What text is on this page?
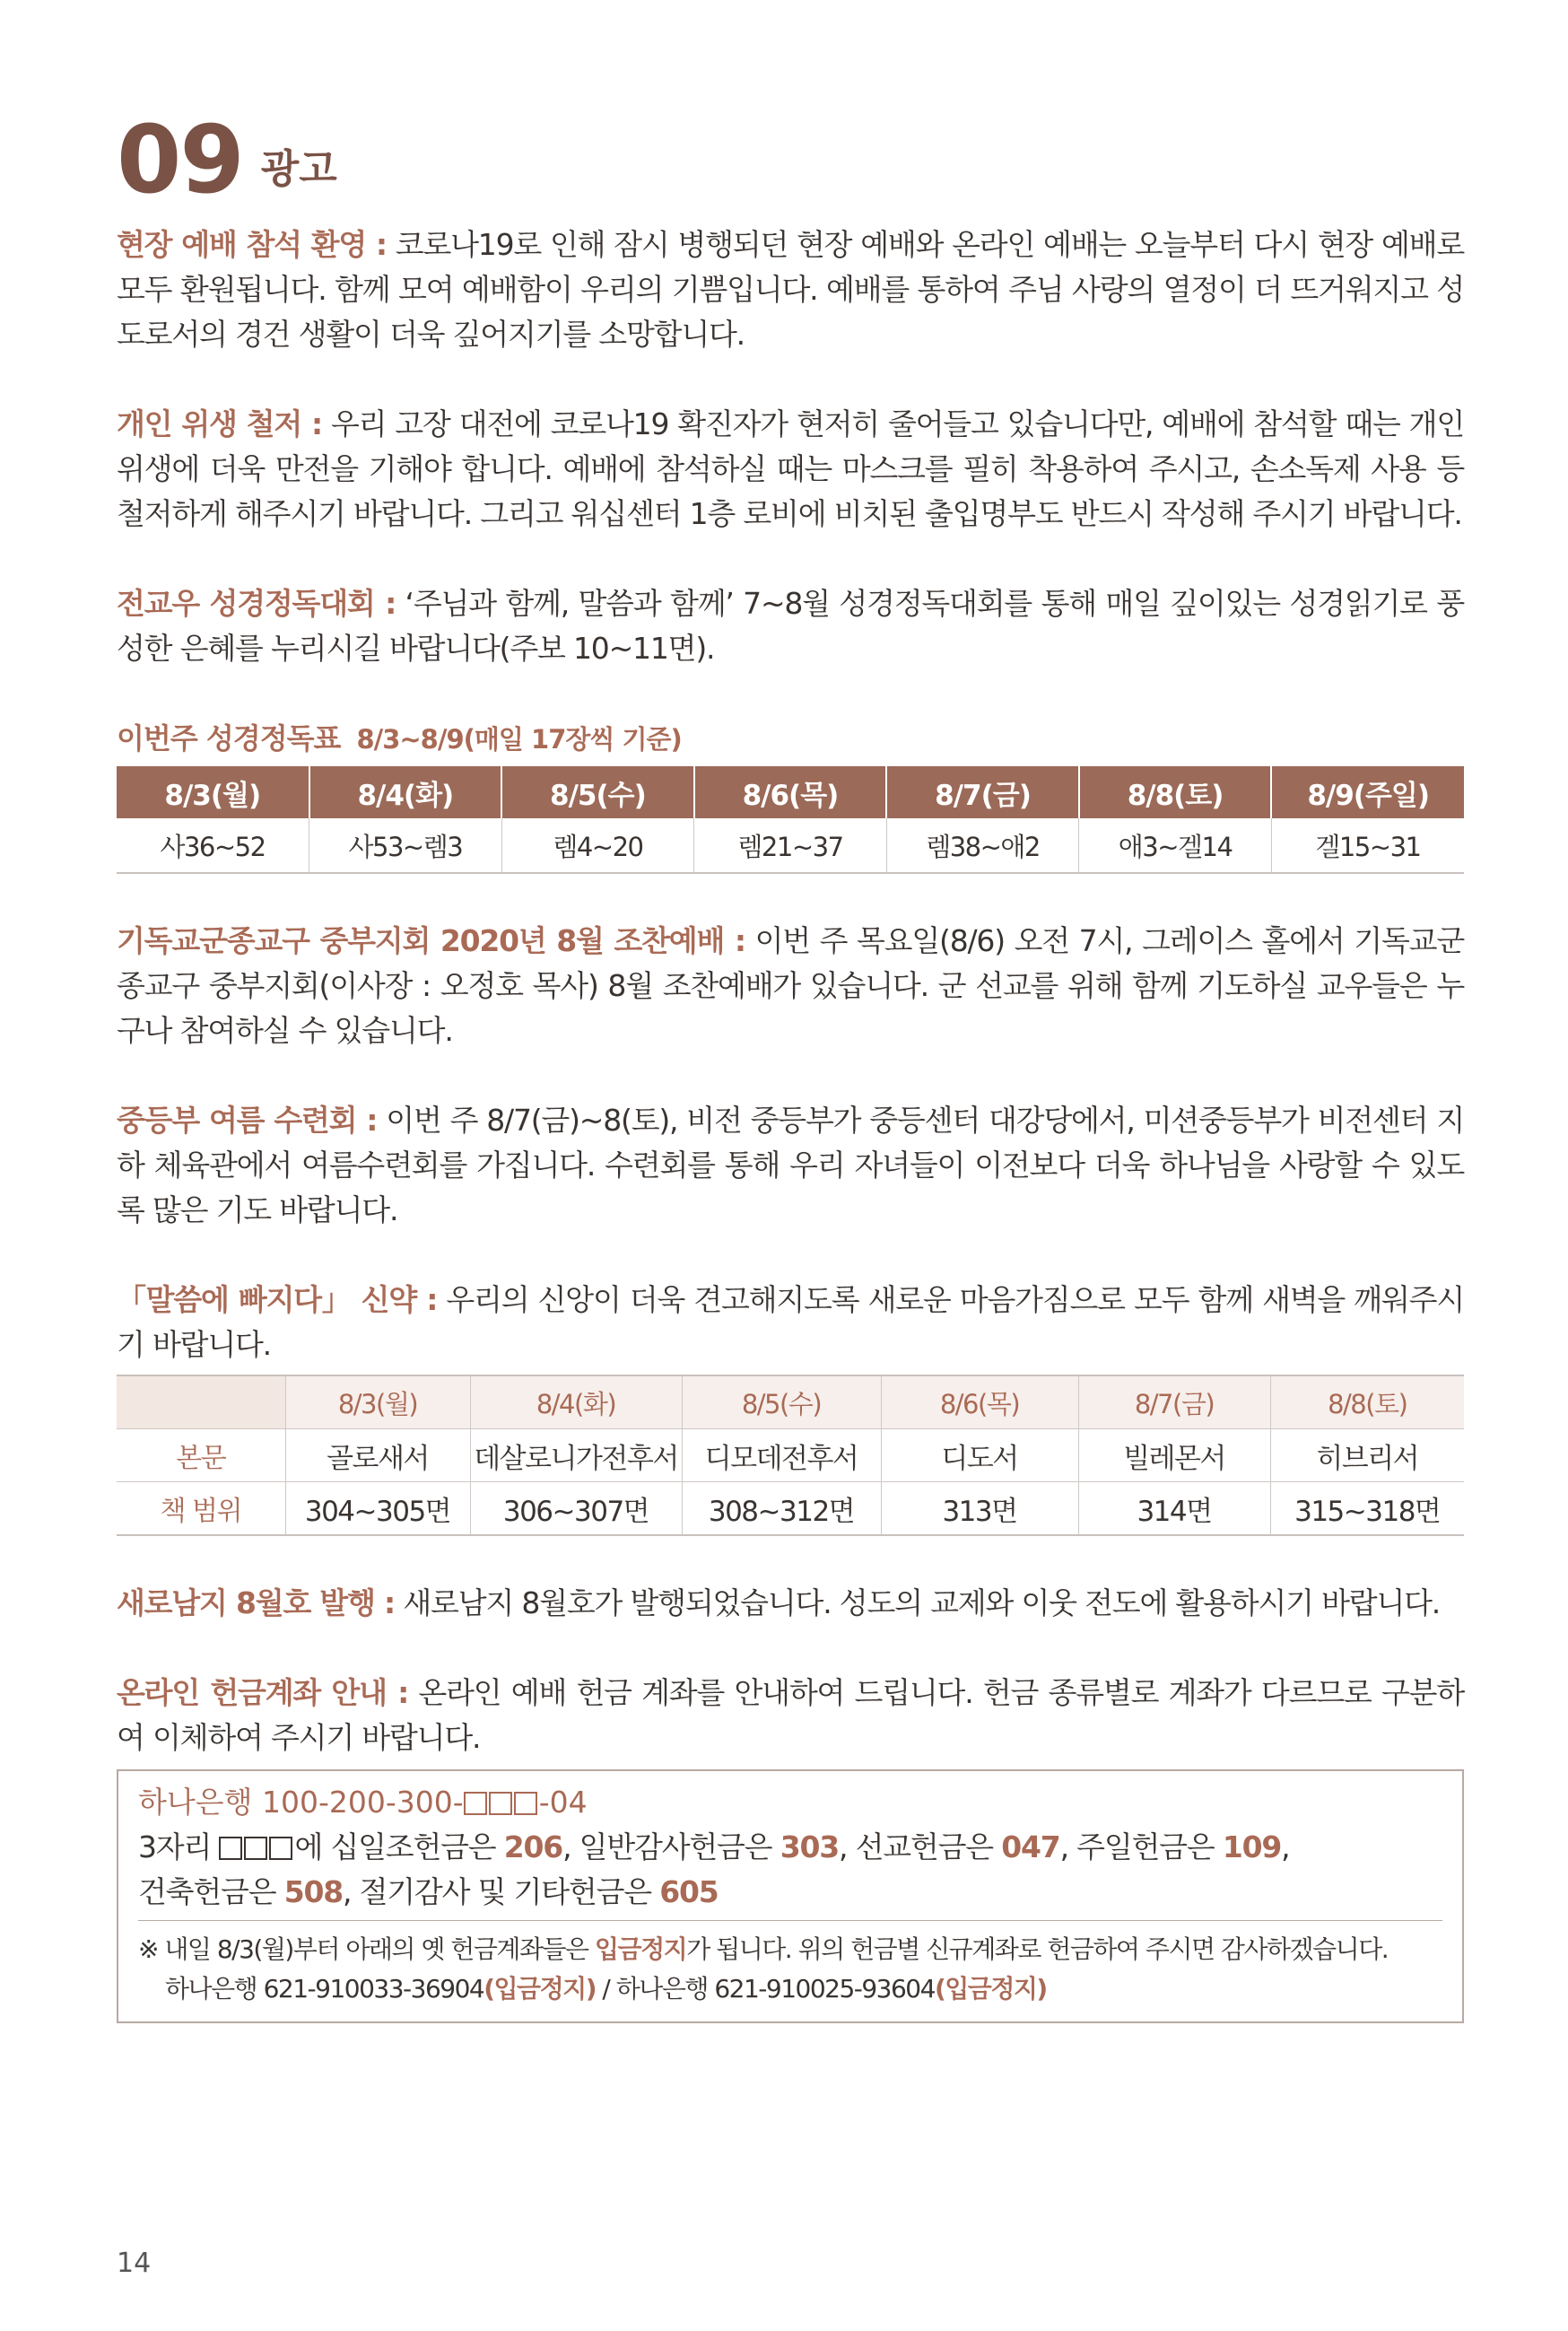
09 광고

현장 예배 참석 환영 : 코로나19로 인해 잠시 병행되던 현장 예배와 온라인 예배는 오늘부터 다시 현장 예배로 모두 환원됩니다. 함께 모여 예배함이 우리의 기쁨입니다. 예배를 통하여 주님 사랑의 열정이 더 뜨거워지고 성도로서의 경건 생활이 더욱 깊어지기를 소망합니다.

개인 위생 철저 : 우리 고장 대전에 코로나19 확진자가 현저히 줄어들고 있습니다만, 예배에 참석할 때는 개인 위생에 더욱 만전을 기해야 합니다. 예배에 참석하실 때는 마스크를 필히 착용하여 주시고, 손소독제 사용 등 철저하게 해주시기 바랍니다. 그리고 워십센터 1층 로비에 비치된 출입명부도 반드시 작성해 주시기 바랍니다.

전교우 성경정독대회 : ‘주님과 함께, 말씀과 함께’ 7~8월 성경정독대회를 통해 매일 깊이있는 성경읽기로 풍성한 은혜를 누리시길 바랍니다(주보 10~11면).

이번주 성경정독표 8/3~8/9(매일 17장씩 기준)
8/3(월)	8/4(화)	8/5(수)	8/6(목)	8/7(금)	8/8(토)	8/9(주일)
사36~52	사53~렘3	렘4~20	렘21~37	렘38~애2	애3~겔14	겔15~31

기독교군종교구 중부지회 2020년 8월 조찬예배 : 이번 주 목요일(8/6) 오전 7시, 그레이스 홀에서 기독교군종교구 중부지회(이사장 : 오정호 목사) 8월 조찬예배가 있습니다. 군 선교를 위해 함께 기도하실 교우들은 누구나 참여하실 수 있습니다.

중등부 여름 수련회 : 이번 주 8/7(금)~8(토), 비전 중등부가 중등센터 대강당에서, 미션중등부가 비전센터 지하 체육관에서 여름수련회를 가집니다. 수련회를 통해 우리 자녀들이 이전보다 더욱 하나님을 사랑할 수 있도록 많은 기도 바랍니다.

「말씀에 빠지다」 신약 : 우리의 신앙이 더욱 견고해지도록 새로운 마음가짐으로 모두 함께 새벽을 깨워주시기 바랍니다.

	8/3(월)	8/4(화)	8/5(수)	8/6(목)	8/7(금)	8/8(토)
본문	골로새서	데살로니가전후서	디모데전후서	디도서	빌레몬서	히브리서
책 범위	304~305면	306~307면	308~312면	313면	314면	315~318면

새로남지 8월호 발행 : 새로남지 8월호가 발행되었습니다. 성도의 교제와 이웃 전도에 활용하시기 바랍니다.

온라인 헌금계좌 안내 : 온라인 예배 헌금 계좌를 안내하여 드립니다. 헌금 종류별로 계좌가 다르므로 구분하여 이체하여 주시기 바랍니다.

하나은행 100-200-300-	-04
3자리	에 십일조헌금은 206, 일반감사헌금은 303, 선교헌금은 047, 주일헌금은 109,
건축헌금은 508, 절기감사 및 기타헌금은 605
※ 내일 8/3(월)부터 아래의 옛 헌금계좌들은 입금정지가 됩니다. 위의 헌금별 신규계좌로 헌금하여 주시면 감사하겠습니다.
하나은행 621-910033-36904(입금정지) / 하나은행 621-910025-93604(입금정지)
14
